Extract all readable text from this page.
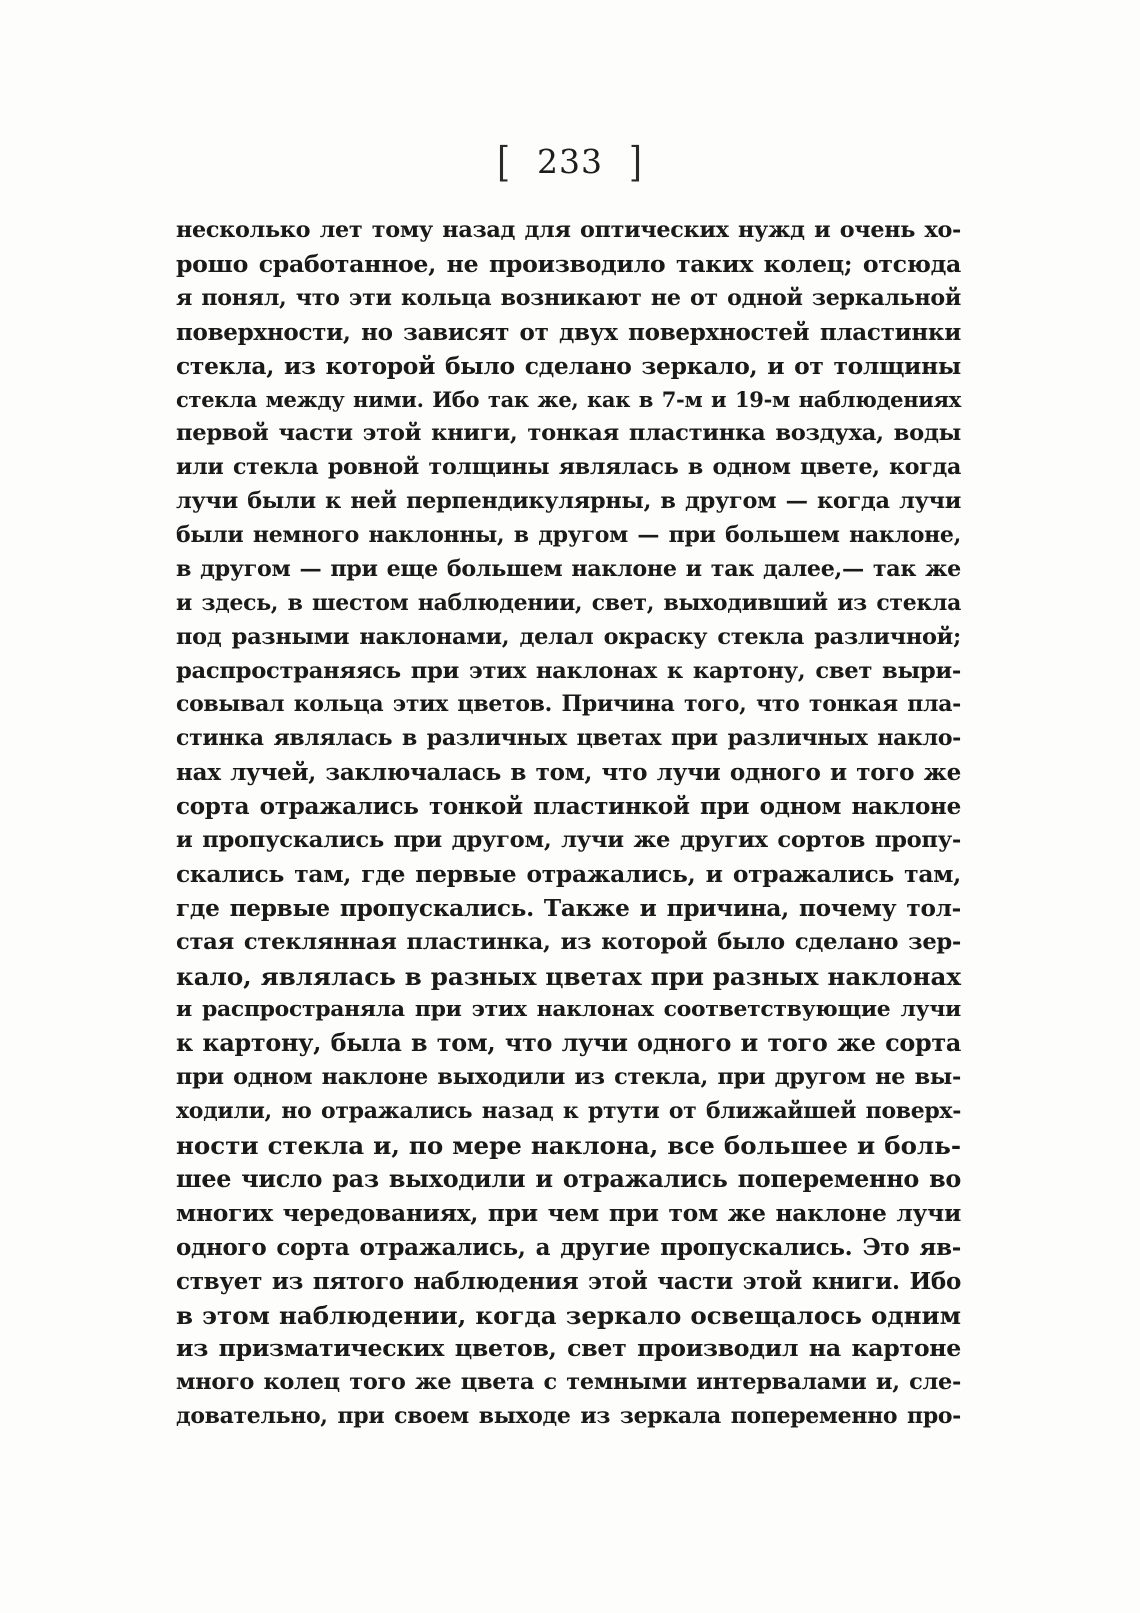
[ 233 ]
несколько лет тому назад для оптических нужд и очень хо-
рошо сработанное, не производило таких колец; отсюда
я понял, что эти кольца возникают не от одной зеркальной
поверхности, но зависят от двух поверхностей пластинки
стекла, из которой было сделано зеркало, и от толщины
стекла между ними. Ибо так же, как в 7-м и 19-м наблюдениях
первой части этой книги, тонкая пластинка воздуха, воды
или стекла ровной толщины являлась в одном цвете, когда
лучи были к ней перпендикулярны, в другом — когда лучи
были немного наклонны, в другом — при большем наклоне,
в другом — при еще большем наклоне и так далее,— так же
и здесь, в шестом наблюдении, свет, выходивший из стекла
под разными наклонами, делал окраску стекла различной;
распространяясь при этих наклонах к картону, свет выри-
совывал кольца этих цветов. Причина того, что тонкая пла-
стинка являлась в различных цветах при различных накло-
нах лучей, заключалась в том, что лучи одного и того же
сорта отражались тонкой пластинкой при одном наклоне
и пропускались при другом, лучи же других сортов пропу-
скались там, где первые отражались, и отражались там,
где первые пропускались. Также и причина, почему тол-
стая стеклянная пластинка, из которой было сделано зер-
кало, являлась в разных цветах при разных наклонах
и распространяла при этих наклонах соответствующие лучи
к картону, была в том, что лучи одного и того же сорта
при одном наклоне выходили из стекла, при другом не вы-
ходили, но отражались назад к ртути от ближайшей поверх-
ности стекла и, по мере наклона, все большее и боль-
шее число раз выходили и отражались попеременно во
многих чередованиях, при чем при том же наклоне лучи
одного сорта отражались, а другие пропускались. Это яв-
ствует из пятого наблюдения этой части этой книги. Ибо
в этом наблюдении, когда зеркало освещалось одним
из призматических цветов, свет производил на картоне
много колец того же цвета с темными интервалами и, сле-
довательно, при своем выходе из зеркала попеременно про-
